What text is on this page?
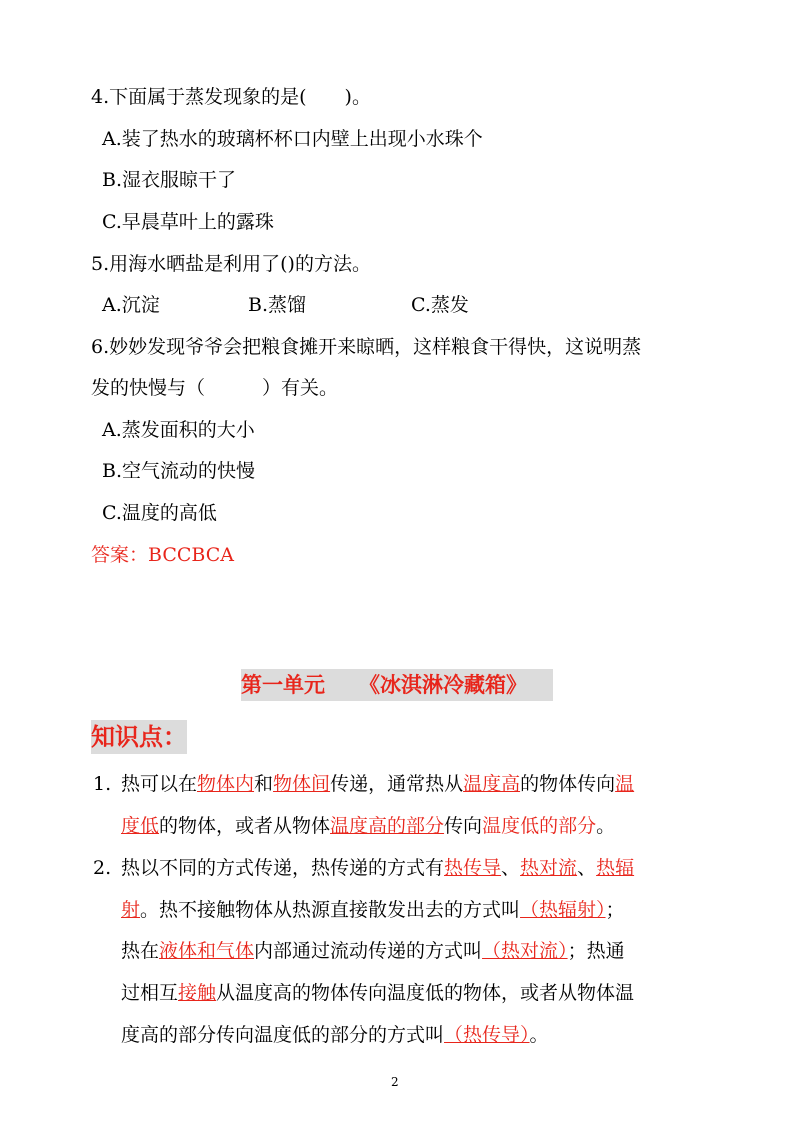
4.下面属于蒸发现象的是(　　)。
A.装了热水的玻璃杯杯口内壁上出现小水珠个
B.湿衣服晾干了
C.早晨草叶上的露珠
5.用海水晒盐是利用了()的方法。
A.沉淀	B.蒸馏	C.蒸发
6.妙妙发现爷爷会把粮食摊开来晾晒，这样粮食干得快，这说明蒸
发的快慢与（　　　）有关。
A.蒸发面积的大小
B.空气流动的快慢
C.温度的高低
答案：BCCBCA
第一单元 《冰淇淋冷藏箱》
知识点：
1. 热可以在物体内和物体间传递，通常热从温度高的物体传向温
度低的物体，或者从物体温度高的部分传向温度低的部分。
2. 热以不同的方式传递，热传递的方式有热传导、热对流、热辐
射。热不接触物体从热源直接散发出去的方式叫（热辐射）；
热在液体和气体内部通过流动传递的方式叫（热对流）；热通
过相互接触从温度高的物体传向温度低的物体，或者从物体温
度高的部分传向温度低的部分的方式叫（热传导）。
2
